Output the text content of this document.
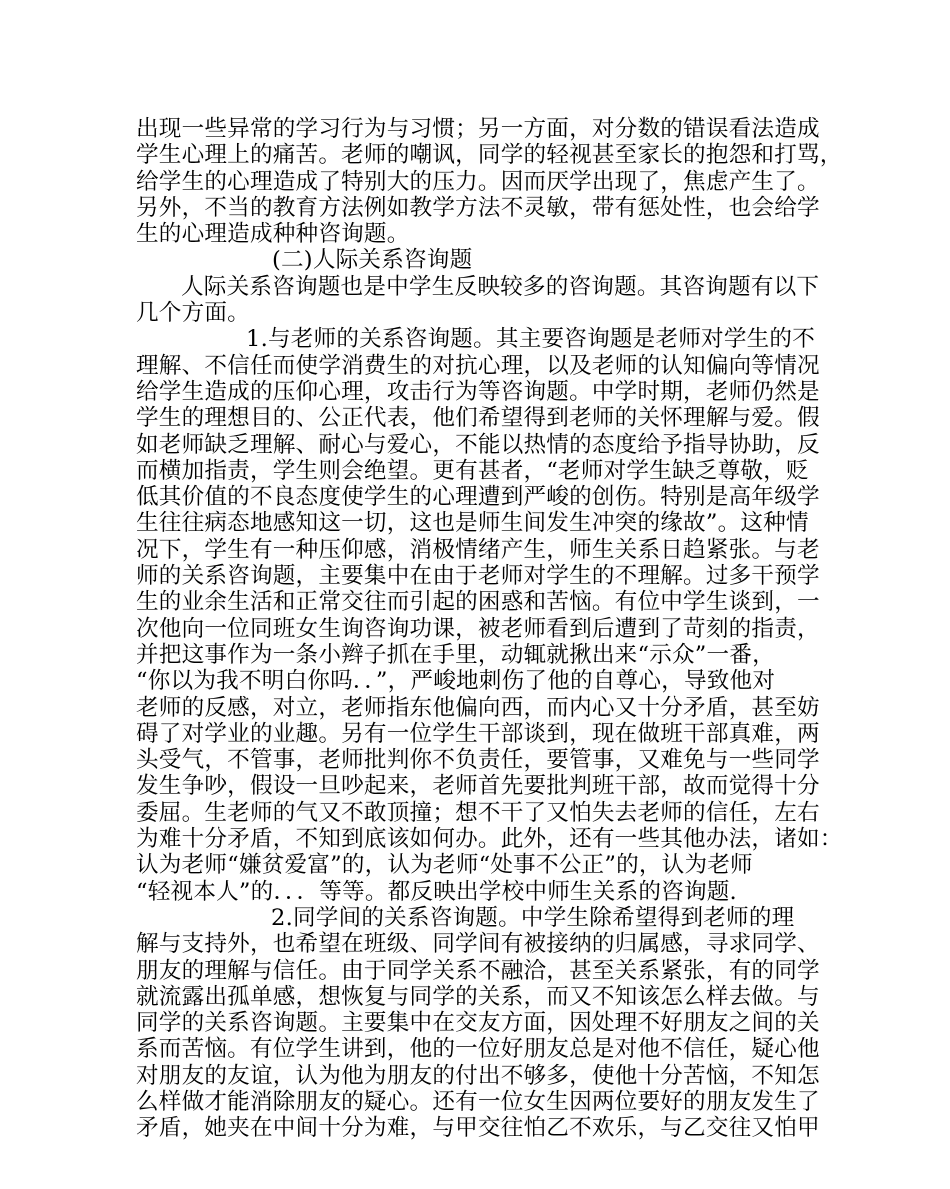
出现一些异常的学习行为与习惯；另一方面，对分数的错误看法造成
学生心理上的痛苦。老师的嘲讽，同学的轻视甚至家长的抱怨和打骂，
给学生的心理造成了特别大的压力。因而厌学出现了，焦虑产生了。
另外，不当的教育方法例如教学方法不灵敏，带有惩处性，也会给学
生的心理造成种种咨询题。
(二)人际关系咨询题
人际关系咨询题也是中学生反映较多的咨询题。其咨询题有以下
几个方面。
1.与老师的关系咨询题。其主要咨询题是老师对学生的不
理解、不信任而使学消费生的对抗心理，以及老师的认知偏向等情况
给学生造成的压仰心理，攻击行为等咨询题。中学时期，老师仍然是
学生的理想目的、公正代表，他们希望得到老师的关怀理解与爱。假
如老师缺乏理解、耐心与爱心，不能以热情的态度给予指导协助，反
而横加指责，学生则会绝望。更有甚者，“老师对学生缺乏尊敬，贬
低其价值的不良态度使学生的心理遭到严峻的创伤。特别是高年级学
生往往病态地感知这一切，这也是师生间发生冲突的缘故”。这种情
况下，学生有一种压仰感，消极情绪产生，师生关系日趋紧张。与老
师的关系咨询题，主要集中在由于老师对学生的不理解。过多干预学
生的业余生活和正常交往而引起的困惑和苦恼。有位中学生谈到，一
次他向一位同班女生询咨询功课，被老师看到后遭到了苛刻的指责，
并把这事作为一条小辫子抓在手里，动辄就揪出来“示众”一番，
“你以为我不明白你吗．．”，严峻地刺伤了他的自尊心，导致他对
老师的反感，对立，老师指东他偏向西，而内心又十分矛盾，甚至妨
碍了对学业的业趣。另有一位学生干部谈到，现在做班干部真难，两
头受气，不管事，老师批判你不负责任，要管事，又难免与一些同学
发生争吵，假设一旦吵起来，老师首先要批判班干部，故而觉得十分
委屈。生老师的气又不敢顶撞；想不干了又怕失去老师的信任，左右
为难十分矛盾，不知到底该如何办。此外，还有一些其他办法，诸如：
认为老师“嫌贫爱富”的，认为老师“处事不公正”的，认为老师
“轻视本人”的．．．等等。都反映出学校中师生关系的咨询题.
2.同学间的关系咨询题。中学生除希望得到老师的理
解与支持外，也希望在班级、同学间有被接纳的归属感，寻求同学、
朋友的理解与信任。由于同学关系不融洽，甚至关系紧张，有的同学
就流露出孤单感，想恢复与同学的关系，而又不知该怎么样去做。与
同学的关系咨询题。主要集中在交友方面，因处理不好朋友之间的关
系而苦恼。有位学生讲到，他的一位好朋友总是对他不信任，疑心他
对朋友的友谊，认为他为朋友的付出不够多，使他十分苦恼，不知怎
么样做才能消除朋友的疑心。还有一位女生因两位要好的朋友发生了
矛盾，她夹在中间十分为难，与甲交往怕乙不欢乐，与乙交往又怕甲
